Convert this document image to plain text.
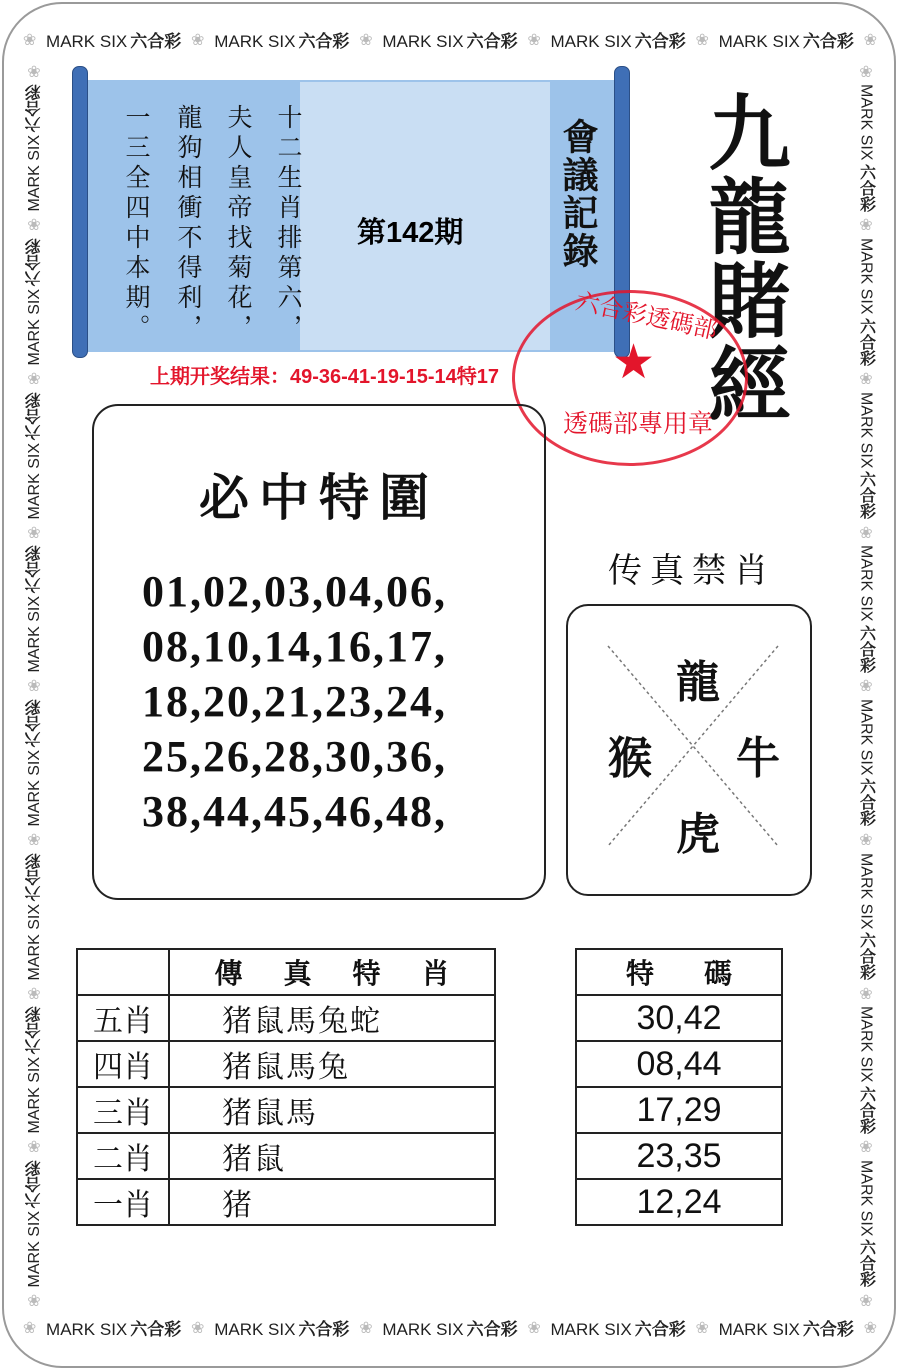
❀ MARK SIX 六合彩 ❀ MARK SIX 六合彩 ❀ MARK SIX 六合彩 ❀ MARK SIX 六合彩 ❀ MARK SIX 六合彩 ❀
❀ MARK SIX 六合彩 ❀ MARK SIX 六合彩 ❀ MARK SIX 六合彩 ❀ MARK SIX 六合彩 ❀ MARK SIX 六合彩 ❀
❀
MARK SIX六合彩
❀
MARK SIX六合彩
❀
MARK SIX六合彩
❀
MARK SIX六合彩
❀
MARK SIX六合彩
❀
MARK SIX六合彩
❀
MARK SIX六合彩
❀
MARK SIX六合彩
❀
❀
MARK SIX六合彩
❀
MARK SIX六合彩
❀
MARK SIX六合彩
❀
MARK SIX六合彩
❀
MARK SIX六合彩
❀
MARK SIX六合彩
❀
MARK SIX六合彩
❀
MARK SIX六合彩
❀
十二生肖排第六，
夫人皇帝找菊花，
龍狗相衝不得利，
一三全四中本期。	第142期	會議記錄 九龍賭經
六合彩透碼部
★
透碼部專用章
上期开奖结果：49-36-41-19-15-14特17
必中特圍
01,02,03,04,06,
08,10,14,16,17,
18,20,21,23,24,
25,26,28,30,36,
38,44,45,46,48,
传真禁肖
龍
猴 牛
虎

	傳 真 特 肖

五肖	猪鼠馬兔蛇
四肖	猪鼠馬兔
三肖	猪鼠馬
二肖	猪鼠
一肖	猪
特 碼

30,42
08,44
17,29
23,35
12,24
